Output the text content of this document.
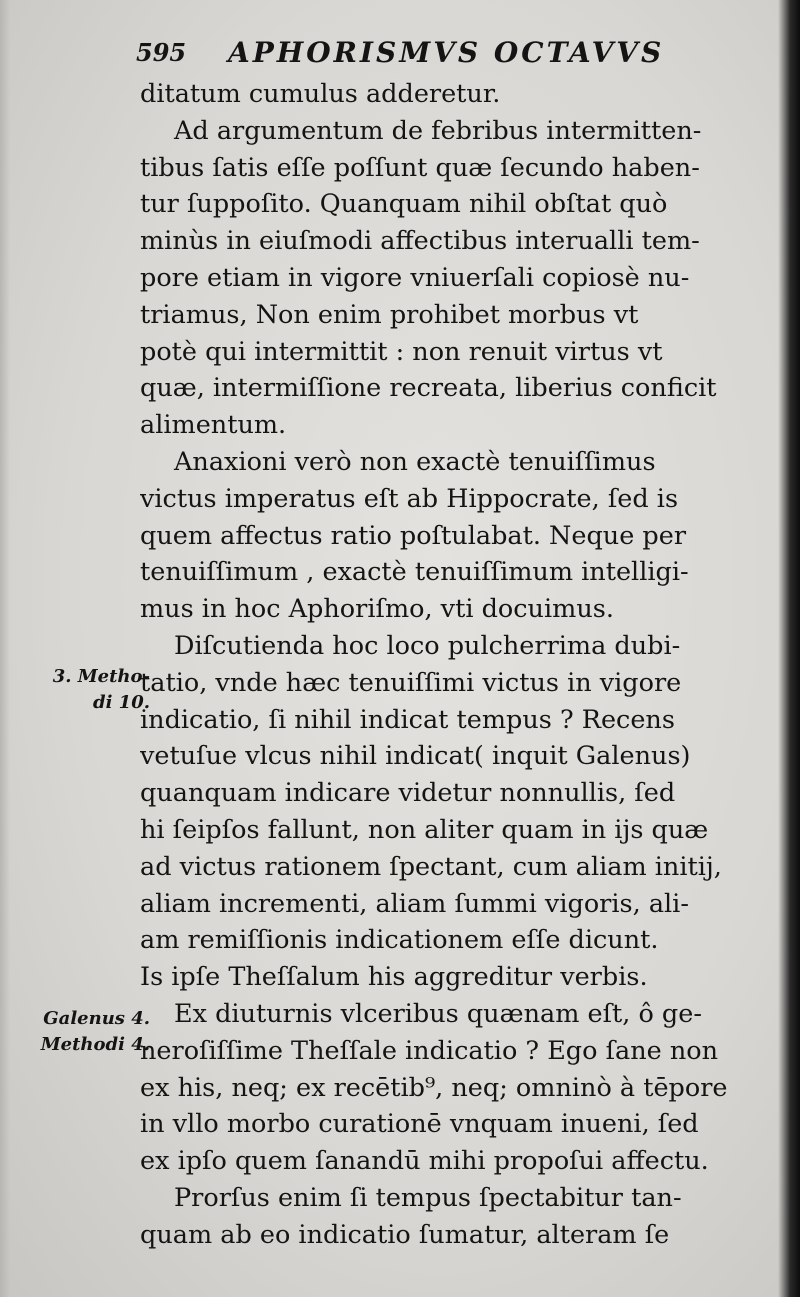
595 APHORISMVS OCTAVVS
3. Metho-
di 10.
Galenus 4.
Methodi 4.
ditatum cumulus adderetur.
Ad argumentum de febribus intermitten-
tibus ſatis eſſe poſſunt quæ ſecundo haben-
tur ſuppoſito. Quanquam nihil obſtat quò
minùs in eiuſmodi affectibus interualli tem-
pore etiam in vigore vniuerſali copiosè nu-
triamus, Non enim prohibet morbus vt
potè qui intermittit : non renuit virtus vt
quæ, intermiſſione recreata, liberius conficit
alimentum.
Anaxioni verò non exactè tenuiſſimus
victus imperatus eſt ab Hippocrate, ſed is
quem affectus ratio poſtulabat. Neque per
tenuiſſimum , exactè tenuiſſimum intelligi-
mus in hoc Aphoriſmo, vti docuimus.
Diſcutienda hoc loco pulcherrima dubi-
tatio, vnde hæc tenuiſſimi victus in vigore
indicatio, ſi nihil indicat tempus ? Recens
vetuſue vlcus nihil indicat( inquit Galenus)
quanquam indicare videtur nonnullis, ſed
hi ſeipſos fallunt, non aliter quam in ijs quæ
ad victus rationem ſpectant, cum aliam initij,
aliam incrementi, aliam ſummi vigoris, ali-
am remiſſionis indicationem eſſe dicunt.
Is ipſe Theſſalum his aggreditur verbis.
Ex diuturnis vlceribus quænam eſt, ô ge-
neroſiſſime Theſſale indicatio ? Ego ſane non
ex his, neq; ex recētib⁹, neq; omninò à tēpore
in vllo morbo curationē vnquam inueni, ſed
ex ipſo quem ſanandū mihi propoſui affectu.
Prorſus enim ſi tempus ſpectabitur tan-
quam ab eo indicatio ſumatur, alteram ſe
